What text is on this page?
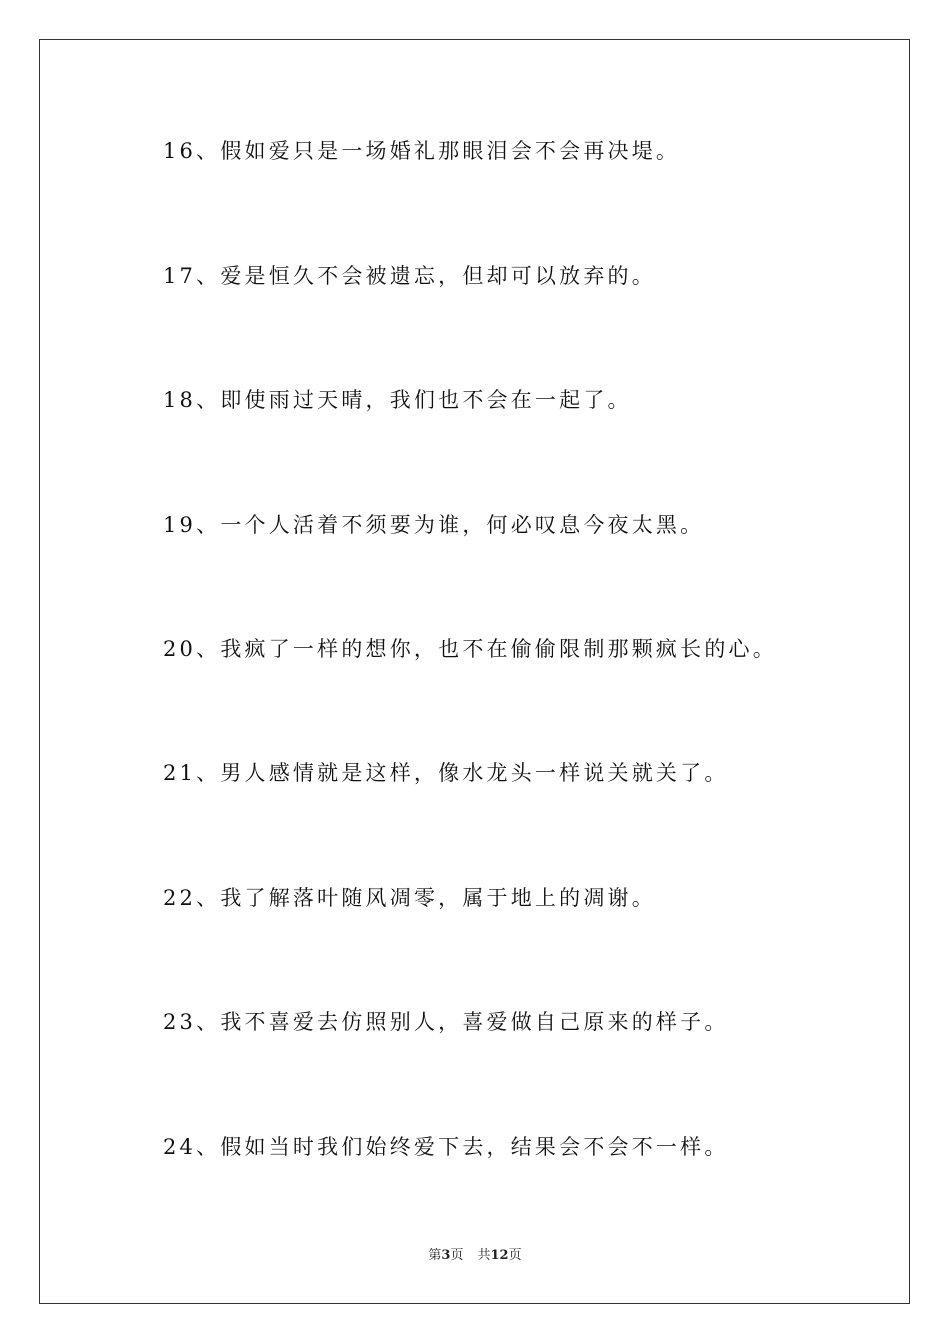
16、假如爱只是一场婚礼那眼泪会不会再决堤。
17、爱是恒久不会被遗忘，但却可以放弃的。
18、即使雨过天晴，我们也不会在一起了。
19、一个人活着不须要为谁，何必叹息今夜太黑。
20、我疯了一样的想你，也不在偷偷限制那颗疯长的心。
21、男人感情就是这样，像水龙头一样说关就关了。
22、我了解落叶随风凋零，属于地上的凋谢。
23、我不喜爱去仿照别人，喜爱做自己原来的样子。
24、假如当时我们始终爱下去，结果会不会不一样。
第3页 共12页
